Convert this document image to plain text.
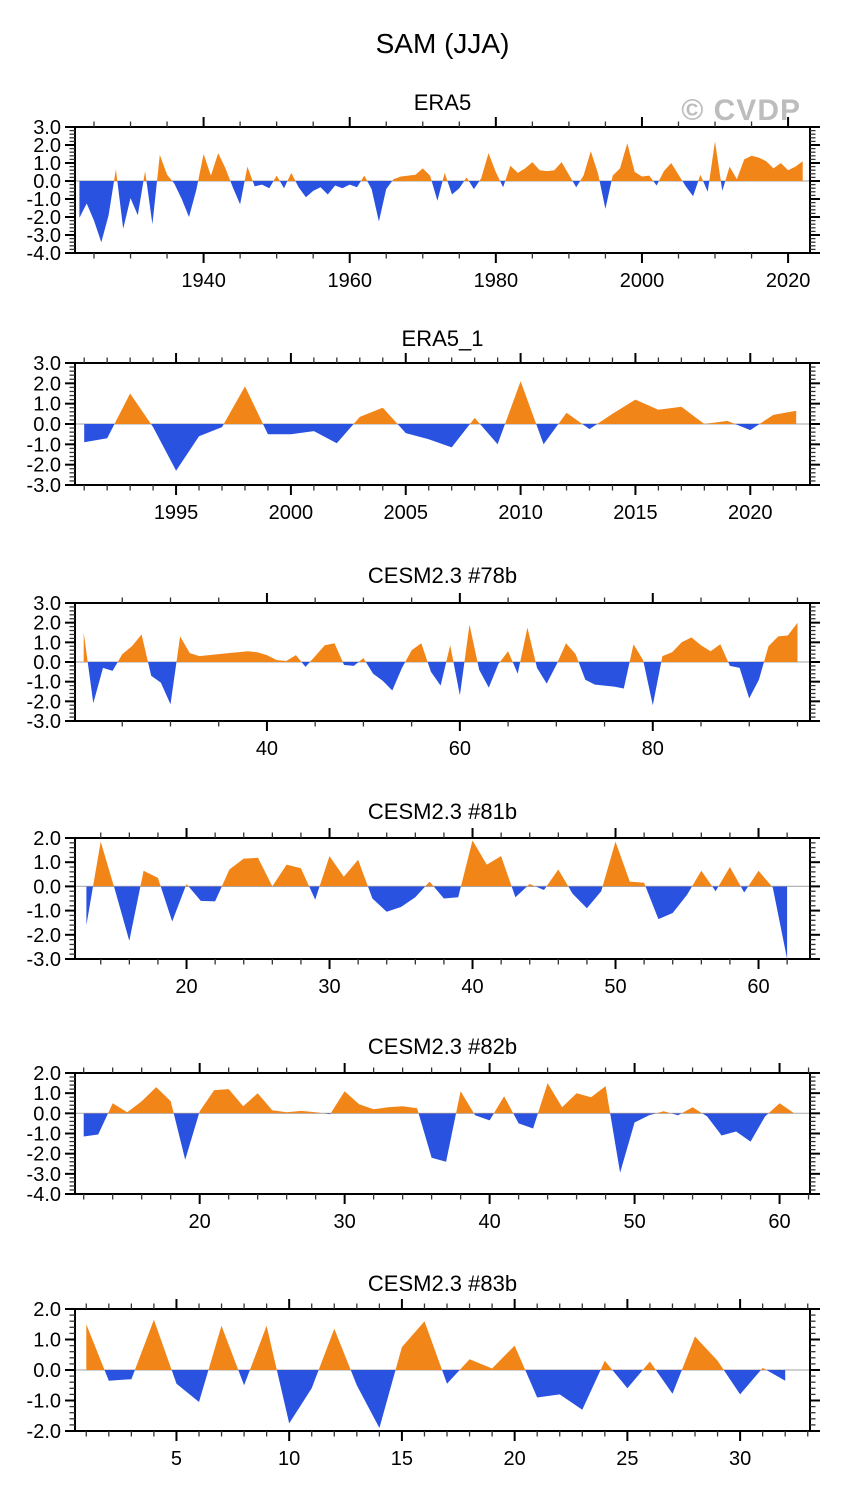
SAM (JJA)
© CVDP
ERA5
ERA5_1
CESM2.3 #78b
CESM2.3 #81b
CESM2.3 #82b
CESM2.3 #83b
1940	1960	1980	2000	2020
3.0
2.0
1.0
0.0
-1.0
-2.0
-3.0
-4.0
1995	2000	2005	2010	2015	2020
3.0
2.0
1.0
0.0
-1.0
-2.0
-3.0
40	60	80
3.0
2.0
1.0
0.0
-1.0
-2.0
-3.0
20	30	40	50	60
2.0
1.0
0.0
-1.0
-2.0
-3.0
20	30	40	50	60
2.0
1.0
0.0
-1.0
-2.0
-3.0
-4.0
5	10	15	20	25	30
2.0
1.0
0.0
-1.0
-2.0
